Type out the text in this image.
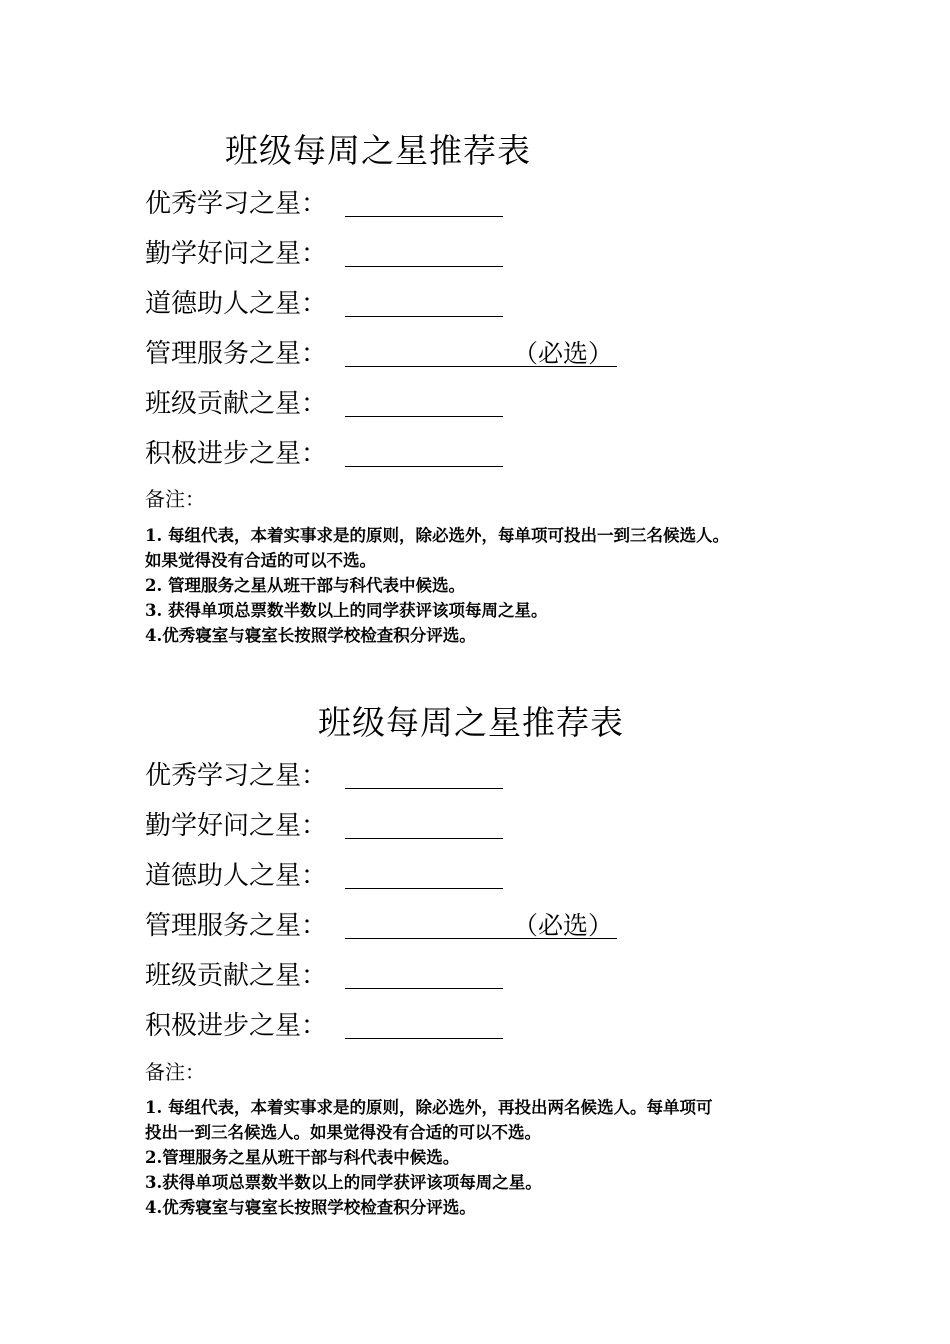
班级每周之星推荐表
优秀学习之星：
勤学好问之星：
道德助人之星：
管理服务之星：	（必选）
班级贡献之星：
积极进步之星：
备注：
1. 每组代表，本着实事求是的原则，除必选外，每单项可投出一到三名候选人。
如果觉得没有合适的可以不选。
2. 管理服务之星从班干部与科代表中候选。
3. 获得单项总票数半数以上的同学获评该项每周之星。
4.优秀寝室与寝室长按照学校检查积分评选。
班级每周之星推荐表
优秀学习之星：
勤学好问之星：
道德助人之星：
管理服务之星：	（必选）
班级贡献之星：
积极进步之星：
备注：
1. 每组代表，本着实事求是的原则，除必选外，再投出两名候选人。每单项可
投出一到三名候选人。如果觉得没有合适的可以不选。
2.管理服务之星从班干部与科代表中候选。
3.获得单项总票数半数以上的同学获评该项每周之星。
4.优秀寝室与寝室长按照学校检查积分评选。
